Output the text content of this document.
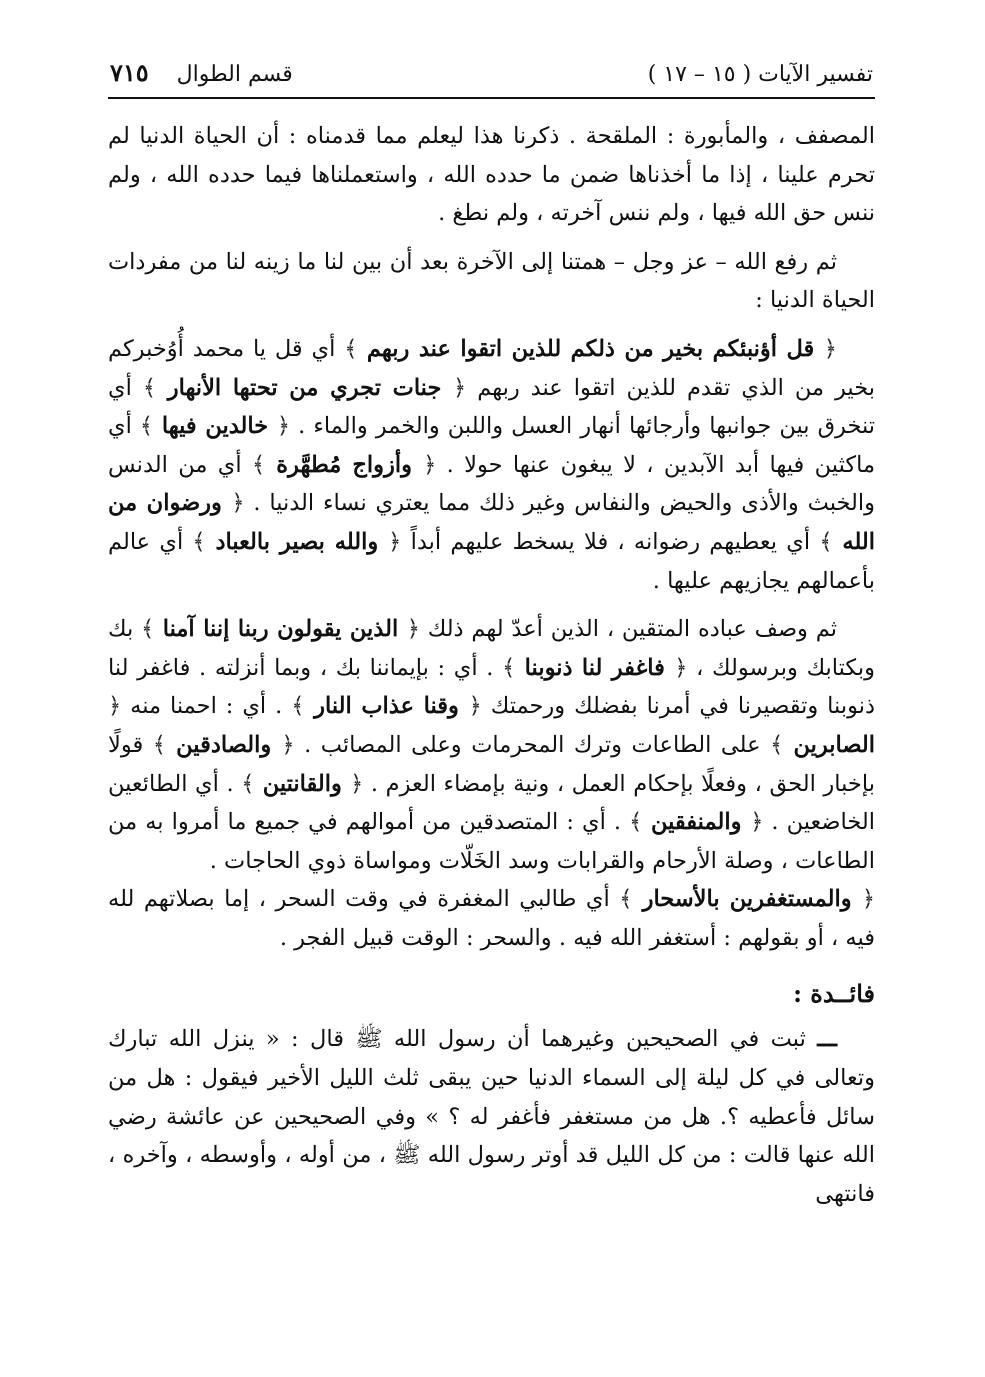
تفسير الآيات ( ١٥ – ١٧ )
قسم الطوال
٧١٥

المصفف ، والمأبورة : الملقحة . ذكرنا هذا ليعلم مما قدمناه : أن الحياة الدنيا لم تحرم علينا ، إذا ما أخذناها ضمن ما حدده الله ، واستعملناها فيما حدده الله ، ولم ننس حق الله فيها ، ولم ننس آخرته ، ولم نطغ .

ثم رفع الله – عز وجل – همتنا إلى الآخرة بعد أن بين لنا ما زينه لنا من مفردات الحياة الدنيا :

﴿ قل أؤنبئكم بخير من ذلكم للذين اتقوا عند ربهم ﴾ أي قل يا محمد أُوُخبركم بخير من الذي تقدم للذين اتقوا عند ربهم ﴿ جنات تجري من تحتها الأنهار ﴾ أي تنخرق بين جوانبها وأرجائها أنهار العسل واللبن والخمر والماء . ﴿ خالدين فيها ﴾ أي ماكثين فيها أبد الآبدين ، لا يبغون عنها حولا . ﴿ وأزواج مُطهَّرة ﴾ أي من الدنس والخبث والأذى والحيض والنفاس وغير ذلك مما يعتري نساء الدنيا . ﴿ ورضوان من الله ﴾ أي يعطيهم رضوانه ، فلا يسخط عليهم أبداً ﴿ والله بصير بالعباد ﴾ أي عالم بأعمالهم يجازيهم عليها .

ثم وصف عباده المتقين ، الذين أعدّ لهم ذلك ﴿ الذين يقولون ربنا إننا آمنا ﴾ بك وبكتابك وبرسولك ، ﴿ فاغفر لنا ذنوبنا ﴾ . أي : بإيماننا بك ، وبما أنزلته . فاغفر لنا ذنوبنا وتقصيرنا في أمرنا بفضلك ورحمتك ﴿ وقنا عذاب النار ﴾ . أي : احمنا منه ﴿ الصابرين ﴾ على الطاعات وترك المحرمات وعلى المصائب . ﴿ والصادقين ﴾ قولًا بإخبار الحق ، وفعلًا بإحكام العمل ، ونية بإمضاء العزم . ﴿ والقانتين ﴾ . أي الطائعين الخاضعين . ﴿ والمنفقين ﴾ . أي : المتصدقين من أموالهم في جميع ما أمروا به من الطاعات ، وصلة الأرحام والقرابات وسد الخَلّات ومواساة ذوي الحاجات .

﴿ والمستغفرين بالأسحار ﴾ أي طالبي المغفرة في وقت السحر ، إما بصلاتهم لله فيه ، أو بقولهم : أستغفر الله فيه . والسحر : الوقت قبيل الفجر .

فائــدة :

ـــ ثبت في الصحيحين وغيرهما أن رسول الله ﷺ قال : « ينزل الله تبارك وتعالى في كل ليلة إلى السماء الدنيا حين يبقى ثلث الليل الأخير فيقول : هل من سائل فأعطيه ؟. هل من مستغفر فأغفر له ؟ » وفي الصحيحين عن عائشة رضي الله عنها قالت : من كل الليل قد أوتر رسول الله ﷺ ، من أوله ، وأوسطه ، وآخره ، فانتهى
